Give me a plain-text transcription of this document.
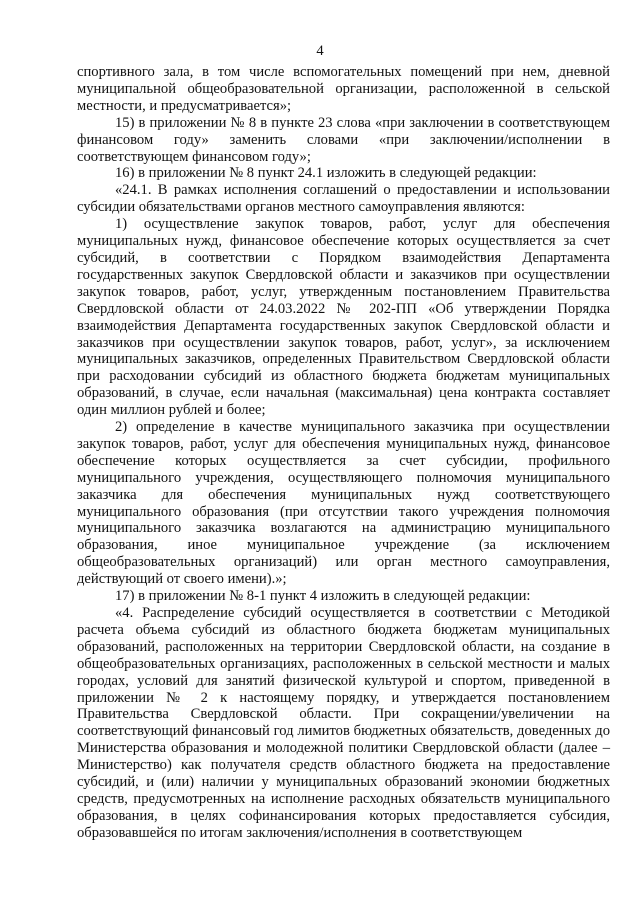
4

спортивного зала, в том числе вспомогательных помещений при нем, дневной муниципальной общеобразовательной организации, расположенной в сельской местности, и предусматривается»;

15) в приложении № 8 в пункте 23 слова «при заключении в соответствующем финансовом году» заменить словами «при заключении/исполнении в соответствующем финансовом году»;

16) в приложении № 8 пункт 24.1 изложить в следующей редакции:

«24.1. В рамках исполнения соглашений о предоставлении и использовании субсидии обязательствами органов местного самоуправления являются:

1) осуществление закупок товаров, работ, услуг для обеспечения муниципальных нужд, финансовое обеспечение которых осуществляется за счет субсидий, в соответствии с Порядком взаимодействия Департамента государственных закупок Свердловской области и заказчиков при осуществлении закупок товаров, работ, услуг, утвержденным постановлением Правительства Свердловской области от 24.03.2022 № 202-ПП «Об утверждении Порядка взаимодействия Департамента государственных закупок Свердловской области и заказчиков при осуществлении закупок товаров, работ, услуг», за исключением муниципальных заказчиков, определенных Правительством Свердловской области при расходовании субсидий из областного бюджета бюджетам муниципальных образований, в случае, если начальная (максимальная) цена контракта составляет один миллион рублей и более;

2) определение в качестве муниципального заказчика при осуществлении закупок товаров, работ, услуг для обеспечения муниципальных нужд, финансовое обеспечение которых осуществляется за счет субсидии, профильного муниципального учреждения, осуществляющего полномочия муниципального заказчика для обеспечения муниципальных нужд соответствующего муниципального образования (при отсутствии такого учреждения полномочия муниципального заказчика возлагаются на администрацию муниципального образования, иное муниципальное учреждение (за исключением общеобразовательных организаций) или орган местного самоуправления, действующий от своего имени).»;

17) в приложении № 8-1 пункт 4 изложить в следующей редакции:

«4. Распределение субсидий осуществляется в соответствии с Методикой расчета объема субсидий из областного бюджета бюджетам муниципальных образований, расположенных на территории Свердловской области, на создание в общеобразовательных организациях, расположенных в сельской местности и малых городах, условий для занятий физической культурой и спортом, приведенной в приложении № 2 к настоящему порядку, и утверждается постановлением Правительства Свердловской области. При сокращении/увеличении на соответствующий финансовый год лимитов бюджетных обязательств, доведенных до Министерства образования и молодежной политики Свердловской области (далее – Министерство) как получателя средств областного бюджета на предоставление субсидий, и (или) наличии у муниципальных образований экономии бюджетных средств, предусмотренных на исполнение расходных обязательств муниципального образования, в целях софинансирования которых предоставляется субсидия, образовавшейся по итогам заключения/исполнения в соответствующем
